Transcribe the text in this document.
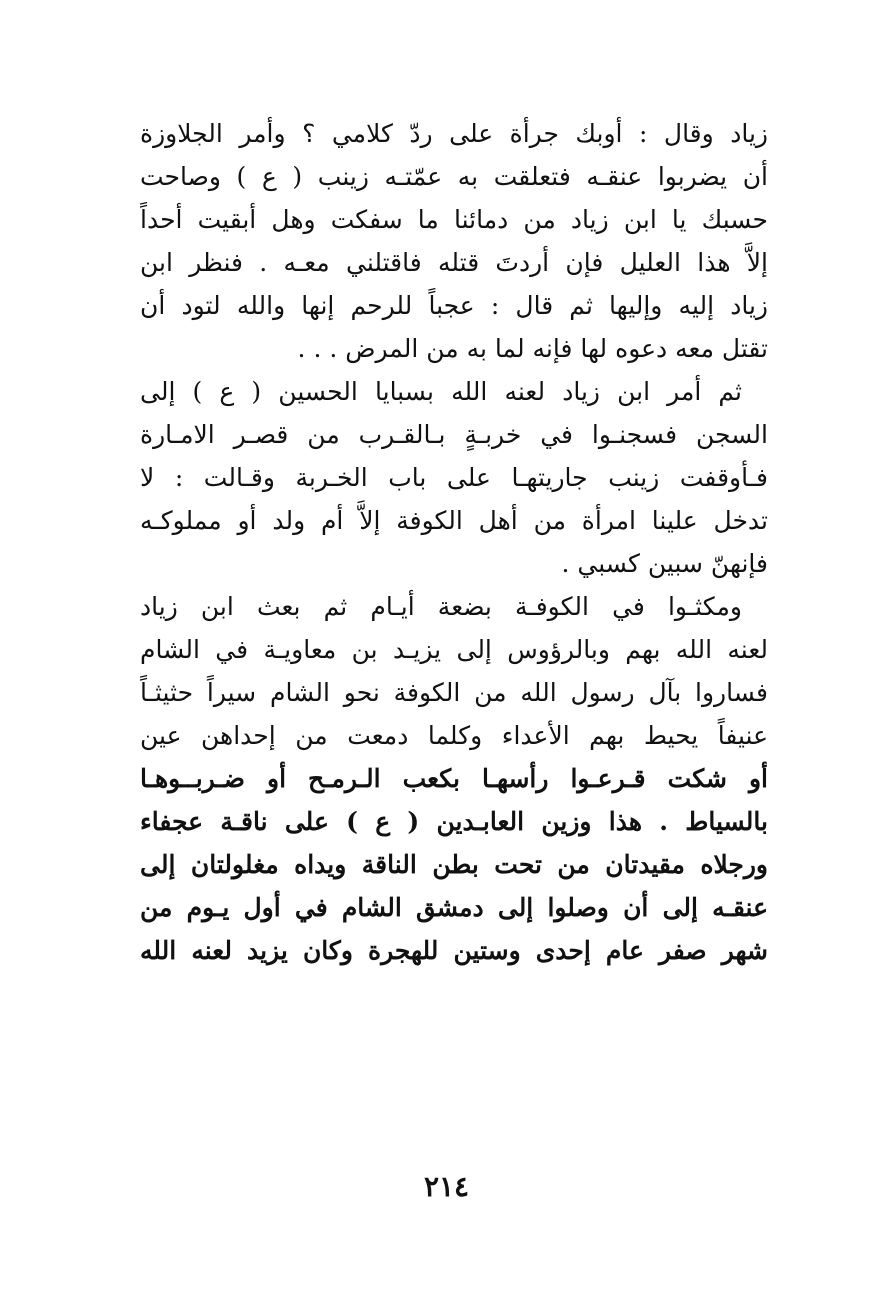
زياد وقال : أوبك جرأة على ردّ كلامي ؟ وأمر الجلاوزة
أن يضربوا عنقـه فتعلقت به عمّتـه زينب ( ع ) وصاحت
حسبك يا ابن زياد من دمائنا ما سفكت وهل أبقيت أحداً
إلاَّ هذا العليل فإن أردتَ قتله فاقتلني معـه . فنظر ابن
زياد إليه وإليها ثم قال : عجباً للرحم إنها والله لتود أن
تقتل معه دعوه لها فإنه لما به من المرض . . .
ثم أمر ابن زياد لعنه الله بسبايا الحسين ( ع ) إلى
السجن فسجنـوا في خربـةٍ بـالقـرب من قصـر الامـارة
فـأوقفت زينب جاريتهـا على باب الخـربة وقـالت : لا
تدخل علينا امرأة من أهل الكوفة إلاَّ أم ولد أو مملوكـه
فإنهنّ سبين كسبي .
ومكثـوا في الكوفـة بضعة أيـام ثم بعث ابن زياد
لعنه الله بهم وبالرؤوس إلى يزيـد بن معاويـة في الشام
فساروا بآل رسول الله من الكوفة نحو الشام سيراً حثيثـاً
عنيفاً يحيط بهم الأعداء وكلما دمعت من إحداهن عين
أو شكت قـرعـوا رأسهـا بكعب الـرمـح أو ضـربــوهـا
بالسياط . هذا وزين العابـدين ( ع ) على ناقـة عجفاء
ورجلاه مقيدتان من تحت بطن الناقة ويداه مغلولتان إلى
عنقـه إلى أن وصلوا إلى دمشق الشام في أول يـوم من
شهر صفر عام إحدى وستين للهجرة وكان يزيد لعنه الله
٢١٤
